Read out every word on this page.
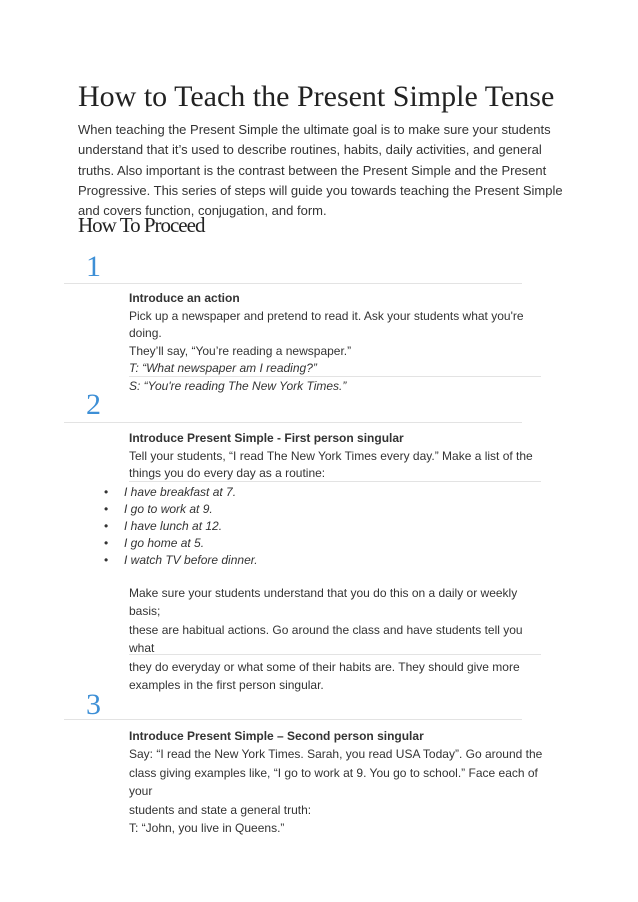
How to Teach the Present Simple Tense

When teaching the Present Simple the ultimate goal is to make sure your students understand that it’s used to describe routines, habits, daily activities, and general truths. Also important is the contrast between the Present Simple and the Present Progressive. This series of steps will guide you towards teaching the Present Simple and covers function, conjugation, and form.

How To Proceed
1

Introduce an action

Pick up a newspaper and pretend to read it. Ask your students what you're doing.

They’ll say, “You’re reading a newspaper.”

T: “What newspaper am I reading?”

S: “You're reading The New York Times.”

2

Introduce Present Simple - First person singular

Tell your students, “I read The New York Times every day.” Make a list of the

things you do every day as a routine:

• I have breakfast at 7.
• I go to work at 9.
• I have lunch at 12.
• I go home at 5.
• I watch TV before dinner.

Make sure your students understand that you do this on a daily or weekly basis;

these are habitual actions. Go around the class and have students tell you what

they do everyday or what some of their habits are. They should give more

examples in the first person singular.

3

Introduce Present Simple – Second person singular

Say: “I read the New York Times. Sarah, you read USA Today”. Go around the

class giving examples like, “I go to work at 9. You go to school.” Face each of your

students and state a general truth:

T: “John, you live in Queens.”
